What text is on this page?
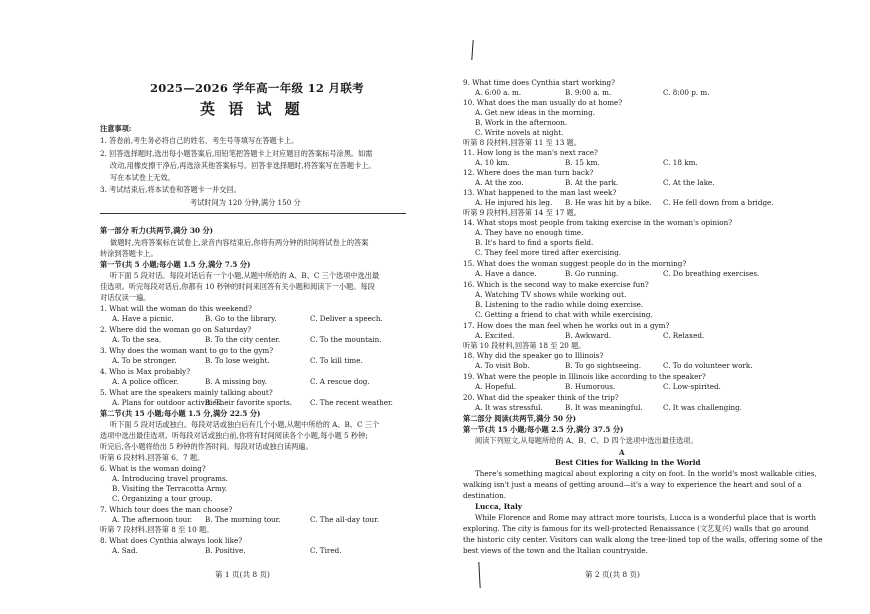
2025—2026 学年高一年级 12 月联考
英 语 试 题
注意事项:
1. 答卷前,考生务必将自己的姓名、考生号等填写在答题卡上。
2. 回答选择题时,选出每小题答案后,用铅笔把答题卡上对应题目的答案标号涂黑。如需
改动,用橡皮擦干净后,再选涂其他答案标号。回答非选择题时,将答案写在答题卡上。
写在本试卷上无效。
3. 考试结束后,将本试卷和答题卡一并交回。
考试时间为 120 分钟,满分 150 分
第一部分 听力(共两节,满分 30 分)
做题时,先将答案标在试卷上,录音内容结束后,你将有两分钟的时间将试卷上的答案
转涂到答题卡上。
第一节(共 5 小题;每小题 1.5 分,满分 7.5 分)
听下面 5 段对话。每段对话后有一个小题,从题中所给的 A、B、C 三个选项中选出最
佳选项。听完每段对话后,你都有 10 秒钟的时间来回答有关小题和阅读下一小题。每段
对话仅读一遍。
1. What will the woman do this weekend?
A. Have a picnic.	B. Go to the library.	C. Deliver a speech.
2. Where did the woman go on Saturday?
A. To the sea.	B. To the city center.	C. To the mountain.
3. Why does the woman want to go to the gym?
A. To be stronger.	B. To lose weight.	C. To kill time.
4. Who is Max probably?
A. A police officer.	B. A missing boy.	C. A rescue dog.
5. What are the speakers mainly talking about?
A. Plans for outdoor activities.
B. Their favorite sports.	C. The recent weather.
第二节(共 15 小题;每小题 1.5 分,满分 22.5 分)
听下面 5 段对话或独白。每段对话或独白后有几个小题,从题中所给的 A、B、C 三个
选项中选出最佳选项。听每段对话或独白前,你将有时间阅读各个小题,每小题 5 秒钟;
听完后,各小题将给出 5 秒钟的作答时间。每段对话或独白读两遍。
听第 6 段材料,回答第 6、7 题。
6. What is the woman doing?
A. Introducing travel programs.
B. Visiting the Terracotta Army.
C. Organizing a tour group.
7. Which tour does the man choose?
A. The afternoon tour. B. The morning tour.	C. The all-day tour.
听第 7 段材料,回答第 8 至 10 题。
8. What does Cynthia always look like?
A. Sad.	B. Positive.	C. Tired.
第 1 页(共 8 页)
9. What time does Cynthia start working?
A. 6:00 a. m.	B. 9:00 a. m.	C. 8:00 p. m.
10. What does the man usually do at home?
A. Get new ideas in the morning.
B. Work in the afternoon.
C. Write novels at night.
听第 8 段材料,回答第 11 至 13 题。
11. How long is the man's next race?
A. 10 km.	B. 15 km.	C. 18 km.
12. Where does the man turn back?
A. At the zoo.	B. At the park.	C. At the lake.
13. What happened to the man last week?
A. He injured his leg. B. He was hit by a bike. C. He fell down from a bridge.
听第 9 段材料,回答第 14 至 17 题。
14. What stops most people from taking exercise in the woman's opinion?
A. They have no enough time.
B. It's hard to find a sports field.
C. They feel more tired after exercising.
15. What does the woman suggest people do in the morning?
A. Have a dance.	B. Go running.	C. Do breathing exercises.
16. Which is the second way to make exercise fun?
A. Watching TV shows while working out.
B. Listening to the radio while doing exercise.
C. Getting a friend to chat with while exercising.
17. How does the man feel when he works out in a gym?
A. Excited.	B. Awkward.	C. Relaxed.
听第 10 段材料,回答第 18 至 20 题。
18. Why did the speaker go to Illinois?
A. To visit Bob.	B. To go sightseeing.	C. To do volunteer work.
19. What were the people in Illinois like according to the speaker?
A. Hopeful.	B. Humorous.	C. Low-spirited.
20. What did the speaker think of the trip?
A. It was stressful.	B. It was meaningful.	C. It was challenging.
第二部分 阅读(共两节,满分 50 分)
第一节(共 15 小题;每小题 2.5 分,满分 37.5 分)
阅读下列短文,从每题所给的 A、B、C、D 四个选项中选出最佳选项。
A
Best Cities for Walking in the World
There's something magical about exploring a city on foot. In the world's most walkable cities,
walking isn't just a means of getting around—it's a way to experience the heart and soul of a
destination.
Lucca, Italy
While Florence and Rome may attract more tourists, Lucca is a wonderful place that is worth
exploring. The city is famous for its well-protected Renaissance (文艺复兴) walls that go around
the historic city center. Visitors can walk along the tree-lined top of the walls, offering some of the
best views of the town and the Italian countryside.
第 2 页(共 8 页)
